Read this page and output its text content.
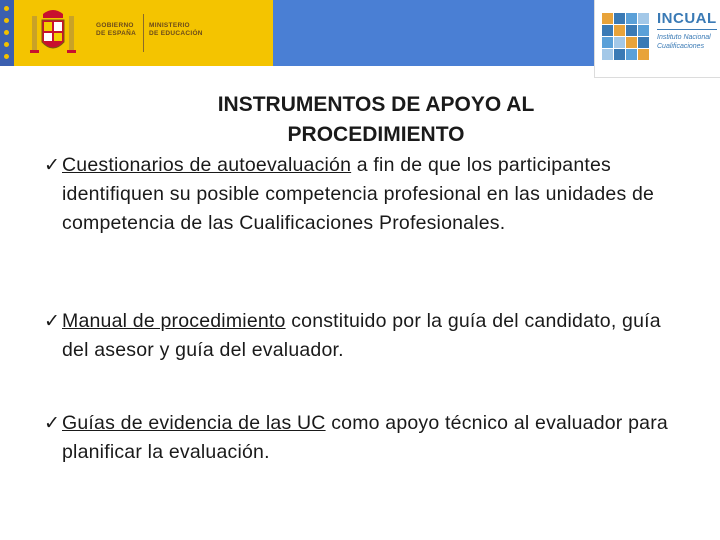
GOBIERNO
DE ESPAÑA
MINISTERIO
DE EDUCACIÓN
INCUAL
Instituto Nacional
Cualificaciones
INSTRUMENTOS DE APOYO AL
PROCEDIMIENTO
✓ Cuestionarios de autoevaluación a fin de que los participantes identifiquen su posible competencia profesional en las unidades de competencia de las Cualificaciones Profesionales.
✓ Manual de procedimiento constituido por la guía del candidato, guía del asesor y guía del evaluador.
✓ Guías de evidencia de las UC como apoyo técnico al evaluador para planificar la evaluación.
